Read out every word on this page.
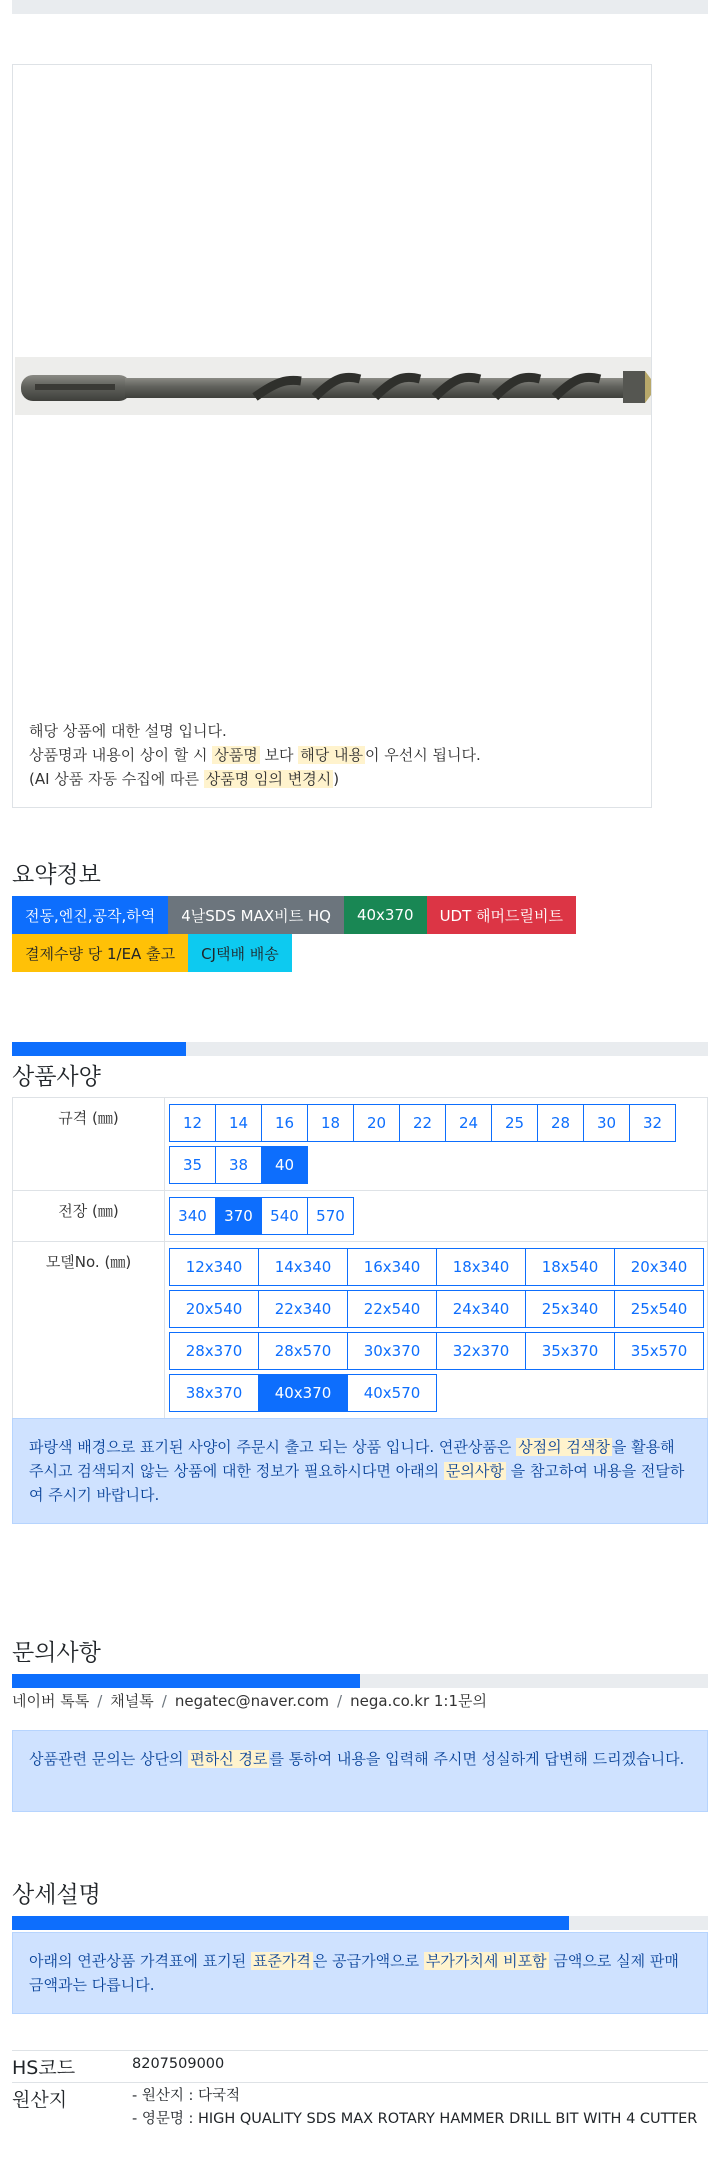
해당 상품에 대한 설명 입니다.
상품명과 내용이 상이 할 시 상품명 보다 해당 내용 이 우선시 됩니다.
(AI 상품 자동 수집에 따른 상품명 임의 변경시 )
요약정보
전동,엔진,공작,하역	4날SDS MAX비트 HQ	40x370	UDT 해머드릴비트
결제수량 당 1/EA 출고	CJ택배 배송
상품사양
규격 (㎜)	12	14	16	18	20	22	24	25	28	30	32
35	38	40
전장 (㎜)	340	370	540	570
모델No. (㎜)	12x340	14x340	16x340	18x340	18x540	20x340
20x540	22x340	22x540	24x340	25x340	25x540
28x370	28x570	30x370	32x370	35x370	35x570
38x370	40x370	40x570
파랑색 배경으로 표기된 사양이 주문시 출고 되는 상품 입니다. 연관상품은 상점의 검색창 을 활용해 주시고 검색되지 않는 상품에 대한 정보가 필요하시다면 아래의 문의사항 을 참고하여 내용을 전달하여 주시기 바랍니다.
문의사항
네이버 톡톡 / 채널톡 / negatec@naver.com / nega.co.kr 1:1문의
상품관련 문의는 상단의 편하신 경로 를 통하여 내용을 입력해 주시면 성실하게 답변해 드리겠습니다.
상세설명
아래의 연관상품 가격표에 표기된 표준가격 은 공급가액으로 부가가치세 비포함 금액으로 실제 판매금액과는 다릅니다.
HS코드	8207509000
원산지	- 원산지 : 다국적
- 영문명 : HIGH QUALITY SDS MAX ROTARY HAMMER DRILL BIT WITH 4 CUTTER
